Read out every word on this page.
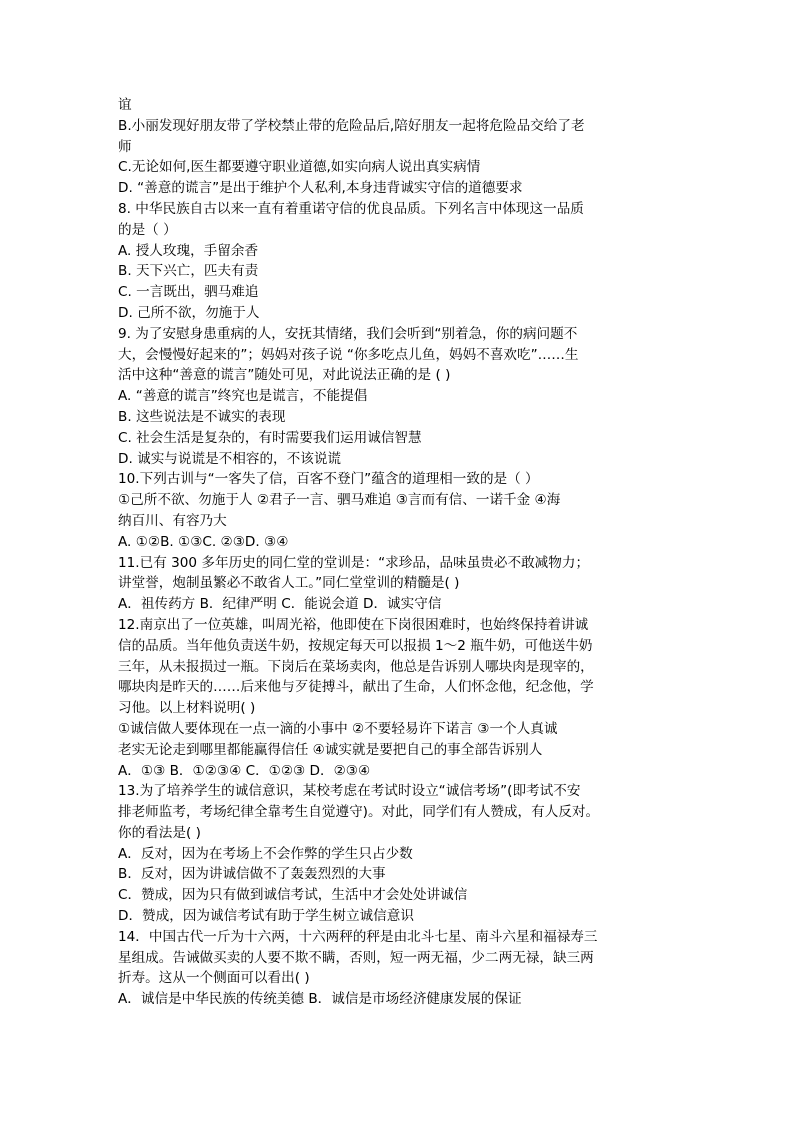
谊
B.小丽发现好朋友带了学校禁止带的危险品后,陪好朋友一起将危险品交给了老
师
C.无论如何,医生都要遵守职业道德,如实向病人说出真实病情
D. “善意的谎言”是出于维护个人私利,本身违背诚实守信的道德要求
8. 中华民族自古以来一直有着重诺守信的优良品质。下列名言中体现这一品质
的是（ ）
A. 授人玫瑰，手留余香
B. 天下兴亡，匹夫有责
C. 一言既出，驷马难追
D. 己所不欲，勿施于人
9. 为了安慰身患重病的人，安抚其情绪，我们会听到“别着急，你的病问题不
大，会慢慢好起来的”；妈妈对孩子说 “你多吃点儿鱼，妈妈不喜欢吃”……生
活中这种“善意的谎言”随处可见，对此说法正确的是 ( )
A. “善意的谎言”终究也是谎言，不能提倡
B. 这些说法是不诚实的表现
C. 社会生活是复杂的，有时需要我们运用诚信智慧
D. 诚实与说谎是不相容的，不该说谎
10.下列古训与“一客失了信，百客不登门”蕴含的道理相一致的是（ ）
①己所不欲、勿施于人 ②君子一言、驷马难追 ③言而有信、一诺千金 ④海
纳百川、有容乃大
A. ①②B. ①③C. ②③D. ③④
11.已有 300 多年历史的同仁堂的堂训是：“求珍品，品味虽贵必不敢减物力；
讲堂誉，炮制虽繁必不敢省人工。”同仁堂堂训的精髓是( )
A．祖传药方 B．纪律严明 C．能说会道 D．诚实守信
12.南京出了一位英雄，叫周光裕，他即使在下岗很困难时，也始终保持着讲诚
信的品质。当年他负责送牛奶，按规定每天可以报损 1～2 瓶牛奶，可他送牛奶
三年，从未报损过一瓶。下岗后在菜场卖肉，他总是告诉别人哪块肉是现宰的，
哪块肉是昨天的……后来他与歹徒搏斗，献出了生命，人们怀念他，纪念他，学
习他。以上材料说明( )
①诚信做人要体现在一点一滴的小事中 ②不要轻易许下诺言 ③一个人真诚
老实无论走到哪里都能赢得信任 ④诚实就是要把自己的事全部告诉别人
A．①③ B．①②③④ C．①②③ D．②③④
13.为了培养学生的诚信意识，某校考虑在考试时设立“诚信考场”(即考试不安
排老师监考，考场纪律全靠考生自觉遵守)。对此，同学们有人赞成，有人反对。
你的看法是( )
A．反对，因为在考场上不会作弊的学生只占少数
B．反对，因为讲诚信做不了轰轰烈烈的大事
C．赞成，因为只有做到诚信考试，生活中才会处处讲诚信
D．赞成，因为诚信考试有助于学生树立诚信意识
14．中国古代一斤为十六两，十六两秤的秤是由北斗七星、南斗六星和福禄寿三
星组成。告诫做买卖的人要不欺不瞒，否则，短一两无福，少二两无禄，缺三两
折寿。这从一个侧面可以看出( )
A．诚信是中华民族的传统美德 B．诚信是市场经济健康发展的保证
